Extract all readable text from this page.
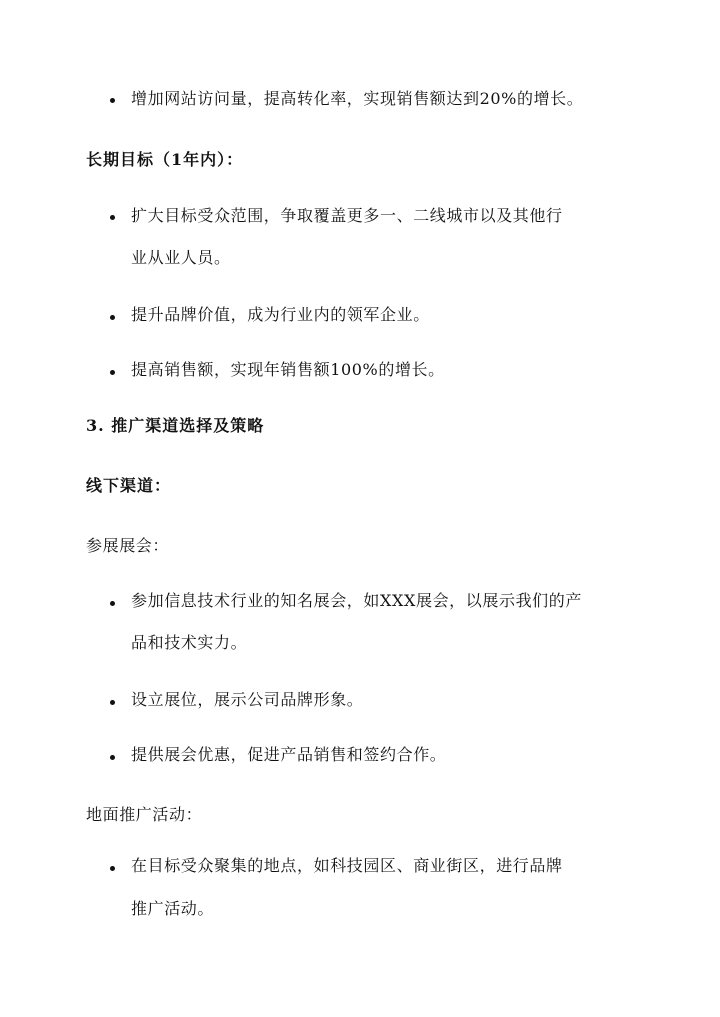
增加网站访问量，提高转化率，实现销售额达到20%的增长。
长期目标（1年内）：
扩大目标受众范围，争取覆盖更多一、二线城市以及其他行
业从业人员。
提升品牌价值，成为行业内的领军企业。
提高销售额，实现年销售额100%的增长。
3. 推广渠道选择及策略
线下渠道：
参展展会：
参加信息技术行业的知名展会，如XXX展会，以展示我们的产
品和技术实力。
设立展位，展示公司品牌形象。
提供展会优惠，促进产品销售和签约合作。
地面推广活动：
在目标受众聚集的地点，如科技园区、商业街区，进行品牌
推广活动。
